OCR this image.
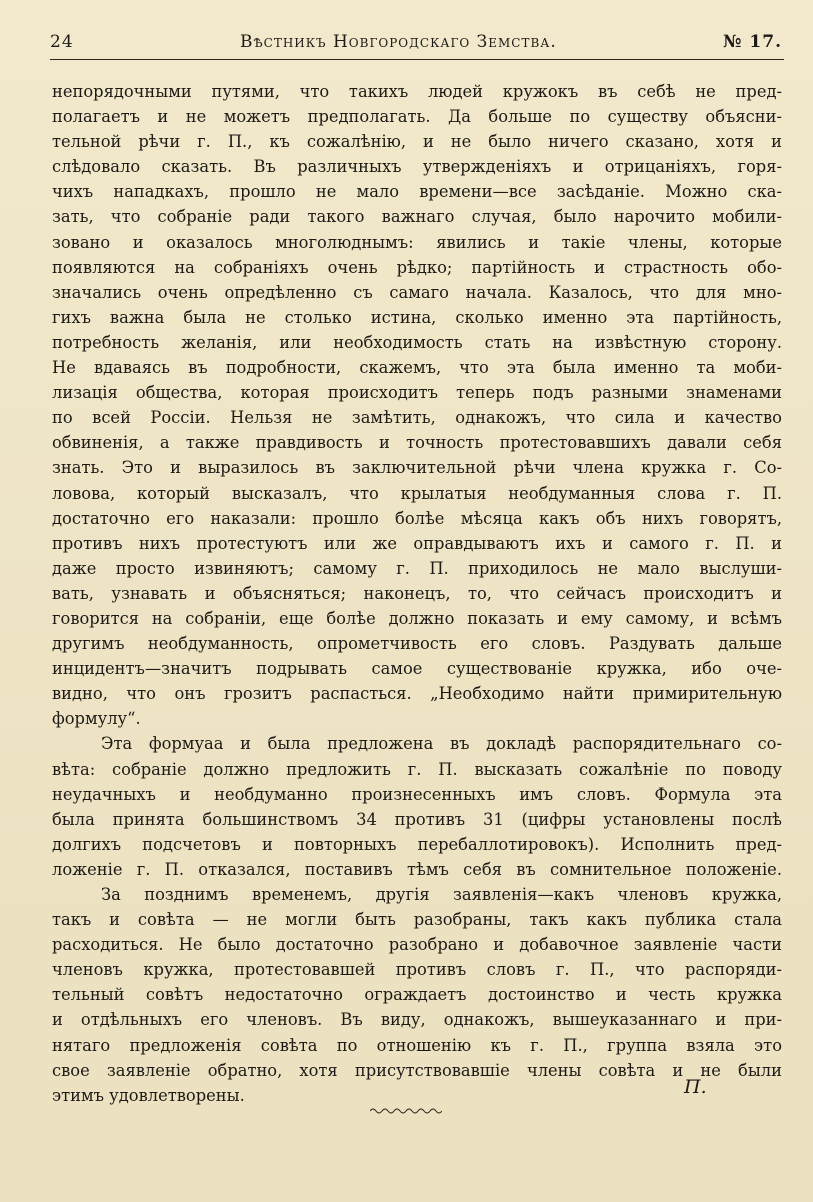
24	Вѣстникъ Новгородскаго Земства.	№ 17.
непорядочными путями, что такихъ людей кружокъ въ себѣ не пред-
полагаетъ и не можетъ предполагать. Да больше по существу объясни-
тельной рѣчи г. П., къ сожалѣнію, и не было ничего сказано, хотя и
слѣдовало сказать. Въ различныхъ утвержденіяхъ и отрицаніяхъ, горя-
чихъ нападкахъ, прошло не мало времени—все засѣданіе. Можно ска-
зать, что собраніе ради такого важнаго случая, было нарочито мобили-
зовано и оказалось многолюднымъ: явились и такіе члены, которые
появляются на собраніяхъ очень рѣдко; партійность и страстность обо-
значались очень опредѣленно съ самаго начала. Казалось, что для мно-
гихъ важна была не столько истина, сколько именно эта партійность,
потребность желанія, или необходимость стать на извѣстную сторону.
Не вдаваясь въ подробности, скажемъ, что эта была именно та моби-
лизація общества, которая происходитъ теперь подъ разными знаменами
по всей Россіи. Нельзя не замѣтить, однакожъ, что сила и качество
обвиненія, а также правдивость и точность протестовавшихъ давали себя
знать. Это и выразилось въ заключительной рѣчи члена кружка г. Со-
ловова, который высказалъ, что крылатыя необдуманныя слова г. П.
достаточно его наказали: прошло болѣе мѣсяца какъ объ нихъ говорятъ,
противъ нихъ протестуютъ или же оправдываютъ ихъ и самого г. П. и
даже просто извиняютъ; самому г. П. приходилось не мало выслуши-
вать, узнавать и объясняться; наконецъ, то, что сейчасъ происходитъ и
говорится на собраніи, еще болѣе должно показать и ему самому, и всѣмъ
другимъ необдуманность, опрометчивость его словъ. Раздувать дальше
инцидентъ—значитъ подрывать самое существованіе кружка, ибо оче-
видно, что онъ грозитъ распасться. „Необходимо найти примирительную
формулу“.
Эта формуаа и была предложена въ докладѣ распорядительнаго со-
вѣта: собраніе должно предложить г. П. высказать сожалѣніе по поводу
неудачныхъ и необдуманно произнесенныхъ имъ словъ. Формула эта
была принята большинствомъ 34 противъ 31 (цифры установлены послѣ
долгихъ подсчетовъ и повторныхъ перебаллотировокъ). Исполнить пред-
ложеніе г. П. отказался, поставивъ тѣмъ себя въ сомнительное положеніе.
За позднимъ временемъ, другія заявленія—какъ членовъ кружка,
такъ и совѣта — не могли быть разобраны, такъ какъ публика стала
расходиться. Не было достаточно разобрано и добавочное заявленіе части
членовъ кружка, протестовавшей противъ словъ г. П., что распоряди-
тельный совѣтъ недостаточно ограждаетъ достоинство и честь кружка
и отдѣльныхъ его членовъ. Въ виду, однакожъ, вышеуказаннаго и при-
нятаго предложенія совѣта по отношенію къ г. П., группа взяла это
свое заявленіе обратно, хотя присутствовавшіе члены совѣта и не были
этимъ удовлетворены.	П.
